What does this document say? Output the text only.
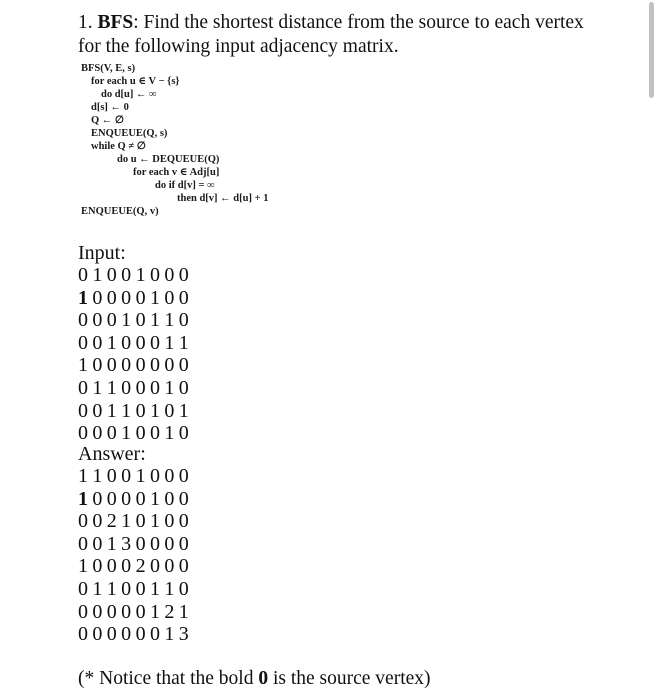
1. BFS: Find the shortest distance from the source to each vertex
for the following input adjacency matrix.
BFS(V, E, s)
for each u ∈ V − {s}
do d[u] ← ∞
d[s] ← 0
Q ← ∅
ENQUEUE(Q, s)
while Q ≠ ∅
do u ← DEQUEUE(Q)
for each v ∈ Adj[u]
do if d[v] = ∞
then d[v] ← d[u] + 1
ENQUEUE(Q, v)
Input:
0 1 0 0 1 0 0 0
1 0 0 0 0 1 0 0
0 0 0 1 0 1 1 0
0 0 1 0 0 0 1 1
1 0 0 0 0 0 0 0
0 1 1 0 0 0 1 0
0 0 1 1 0 1 0 1
0 0 0 1 0 0 1 0
Answer:
1 1 0 0 1 0 0 0
1 0 0 0 0 1 0 0
0 0 2 1 0 1 0 0
0 0 1 3 0 0 0 0
1 0 0 0 2 0 0 0
0 1 1 0 0 1 1 0
0 0 0 0 0 1 2 1
0 0 0 0 0 0 1 3
(* Notice that the bold 0 is the source vertex)
